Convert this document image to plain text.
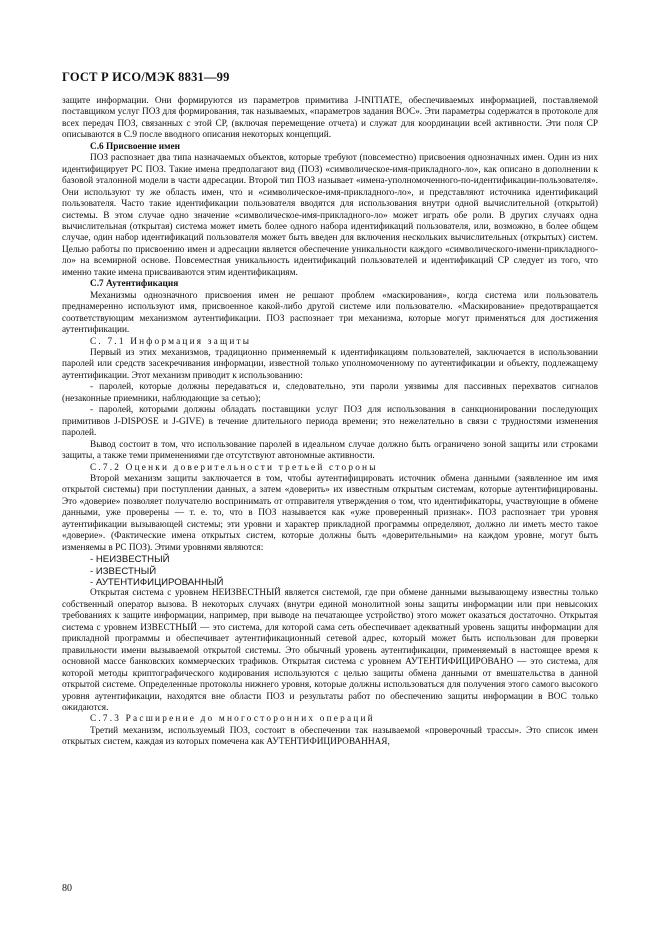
ГОСТ Р ИСО/МЭК 8831—99

защите информации. Они формируются из параметров примитива J-INITIATE, обеспечиваемых информацией, поставляемой поставщиком услуг ПОЗ для формирования, так называемых, «параметров задания ВОС». Эти параметры содержатся в протоколе для всех передач ПОЗ, связанных с этой СР, (включая перемещение отчета) и служат для координации всей активности. Эти поля СР описываются в С.9 после вводного описания некоторых концепций.

С.6 Присвоение имен

ПОЗ распознает два типа назначаемых объектов, которые требуют (повсеместно) присвоения однозначных имен. Один из них идентифицирует РС ПОЗ. Такие имена предполагают вид (ПОЗ) «символическое-имя-прикладного-ло», как описано в дополнении к базовой эталонной модели в части адресации. Второй тип ПОЗ называет «имена-уполномоченного-по-идентификации-пользователя». Они используют ту же область имен, что и «символическое-имя-прикладного-ло», и представляют источника идентификаций пользователя. Часто такие идентификации пользователя вводятся для использования внутри одной вычислительной (открытой) системы. В этом случае одно значение «символическое-имя-прикладного-ло» может играть обе роли. В других случаях одна вычислительная (открытая) система может иметь более одного набора идентификаций пользователя, или, возможно, в более общем случае, один набор идентификаций пользователя может быть введен для включения нескольких вычислительных (открытых) систем. Целью работы по присвоению имен и адресации является обеспечение уникальности каждого «символического-имени-прикладного-ло» на всемирной основе. Повсеместная уникальность идентификаций пользователей и идентификаций СР следует из того, что именно такие имена присваиваются этим идентификациям.

С.7 Аутентификация

Механизмы однозначного присвоения имен не решают проблем «маскирования», когда система или пользователь преднамеренно используют имя, присвоенное какой-либо другой системе или пользователю. «Маскирование» предотвращается соответствующим механизмом аутентификации. ПОЗ распознает три механизма, которые могут применяться для достижения аутентификации.

С. 7.1 Информация защиты

Первый из этих механизмов, традиционно применяемый к идентификациям пользователей, заключается в использовании паролей или средств засекречивания информации, известной только уполномоченному по аутентификации и объекту, подлежащему аутентификации. Этот механизм приводит к использованию:

- паролей, которые должны передаваться и, следовательно, эти пароли уязвимы для пассивных перехватов сигналов (незаконные приемники, наблюдающие за сетью);

- паролей, которыми должны обладать поставщики услуг ПОЗ для использования в санкционировании последующих примитивов J-DISPOSE и J-GIVE) в течение длительного периода времени; это нежелательно в связи с трудностями изменения паролей.

Вывод состоит в том, что использование паролей в идеальном случае должно быть ограничено зоной защиты или строками защиты, а также теми применениями где отсутствуют автономные активности.

С.7.2 Оценки доверительности третьей стороны

Второй механизм защиты заключается в том, чтобы аутентифицировать источник обмена данными (заявленное им имя открытой системы) при поступлении данных, а затем «доверить» их известным открытым системам, которые аутентифицированы. Это «доверие» позволяет получателю воспринимать от отправителя утверждения о том, что идентификаторы, участвующие в обмене данными, уже проверены — т. е. то, что в ПОЗ называется как «уже проверенный признак». ПОЗ распознает три уровня аутентификации вызывающей системы; эти уровни и характер прикладной программы определяют, должно ли иметь место такое «доверие». (Фактические имена открытых систем, которые должны быть «доверительными» на каждом уровне, могут быть изменяемы в РС ПОЗ). Этими уровнями являются:

- НЕИЗВЕСТНЫЙ

- ИЗВЕСТНЫЙ

- АУТЕНТИФИЦИРОВАННЫЙ

Открытая система с уровнем НЕИЗВЕСТНЫЙ является системой, где при обмене данными вызывающему известны только собственный оператор вызова. В некоторых случаях (внутри единой монолитной зоны защиты информации или при невысоких требованиях к защите информации, например, при выводе на печатающее устройство) этого может оказаться достаточно. Открытая система с уровнем ИЗВЕСТНЫЙ — это система, для которой сама сеть обеспечивает адекватный уровень защиты информации для прикладной программы и обеспечивает аутентификационный сетевой адрес, который может быть использован для проверки правильности имени вызываемой открытой системы. Это обычный уровень аутентификации, применяемый в настоящее время к основной массе банковских коммерческих трафиков. Открытая система с уровнем АУТЕНТИФИЦИРОВАНО — это система, для которой методы криптографического кодирования используются с целью защиты обмена данными от вмешательства в данной открытой системе. Определенные протоколы нижнего уровня, которые должны использоваться для получения этого самого высокого уровня аутентификации, находятся вне области ПОЗ и результаты работ по обеспечению защиты информации в ВОС только ожидаются.

С.7.3 Расширение до многосторонних операций

Третий механизм, используемый ПОЗ, состоит в обеспечении так называемой «проверочный трассы». Это список имен открытых систем, каждая из которых помечена как АУТЕНТИФИЦИРОВАННАЯ,

80
